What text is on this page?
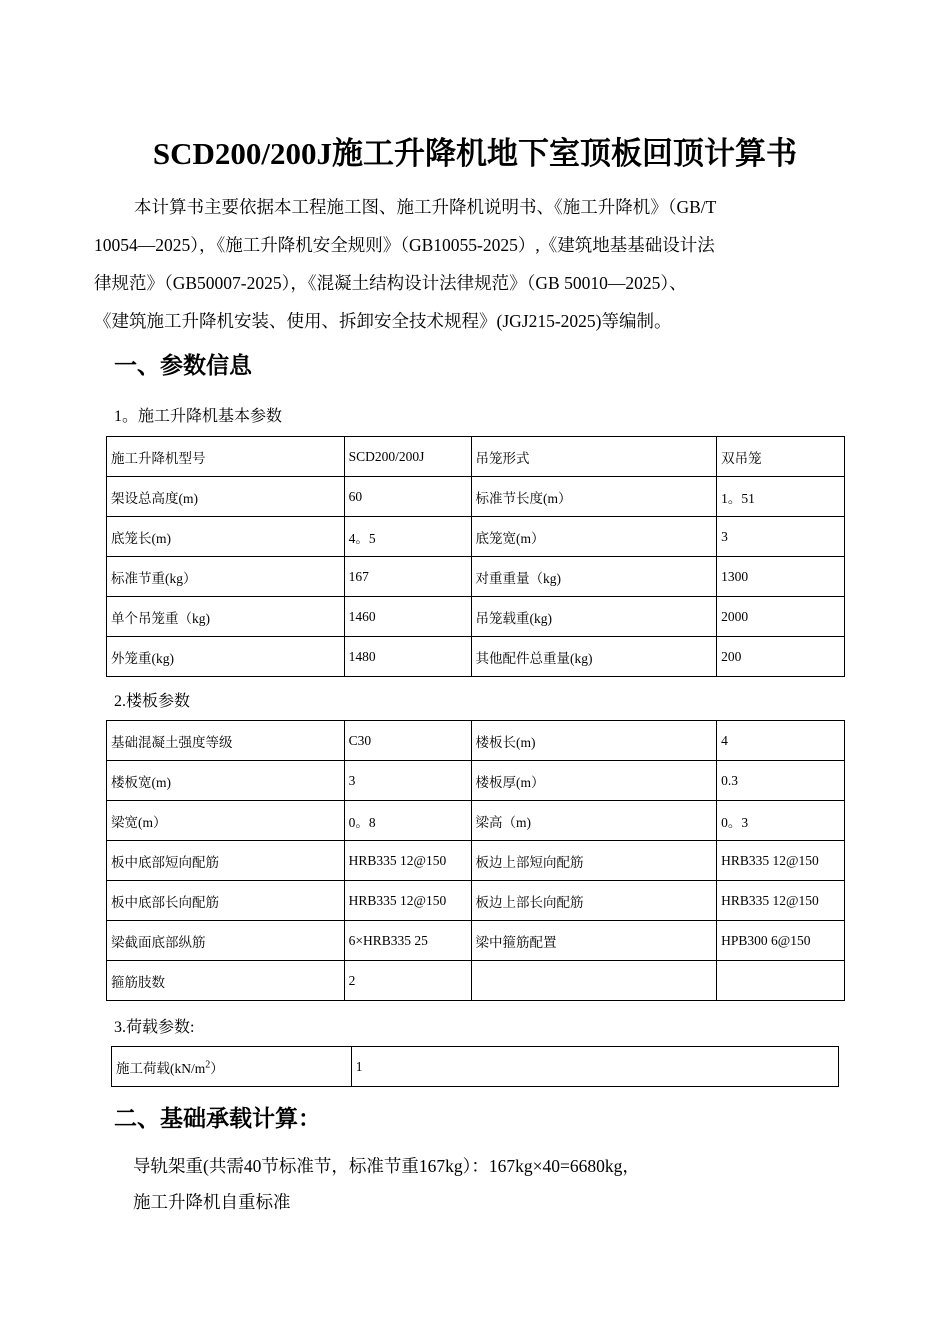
SCD200/200J施工升降机地下室顶板回顶计算书
本计算书主要依据本工程施工图、施工升降机说明书、《施工升降机》（GB/T
10054—2025），《施工升降机安全规则》（GB10055-2025）,《建筑地基基础设计法
律规范》（GB50007-2025），《混凝土结构设计法律规范》（GB 50010—2025）、
《建筑施工升降机安装、使用、拆卸安全技术规程》(JGJ215-2025)等编制。
一、参数信息
1。施工升降机基本参数
施工升降机型号	SCD200/200J	吊笼形式	双吊笼
架设总高度(m)	60	标准节长度(m）	1。51
底笼长(m)	4。5	底笼宽(m）	3
标准节重(kg）	167	对重重量（kg)	1300
单个吊笼重（kg)	1460	吊笼载重(kg)	2000
外笼重(kg)	1480	其他配件总重量(kg)	200
2.楼板参数
基础混凝土强度等级	C30	楼板长(m)	4
楼板宽(m)	3	楼板厚(m）	0.3
梁宽(m）	0。8	梁高（m)	0。3
板中底部短向配筋	HRB335 12@150	板边上部短向配筋	HRB335 12@150
板中底部长向配筋	HRB335 12@150	板边上部长向配筋	HRB335 12@150
梁截面底部纵筋	6×HRB335 25	梁中箍筋配置	HPB300 6@150
箍筋肢数	2		
3.荷载参数:
施工荷载$(kN/m^2)$	1
二、基础承载计算：
导轨架重(共需40节标准节，标准节重167kg）：167kg×40=6680kg，
施工升降机自重标准
